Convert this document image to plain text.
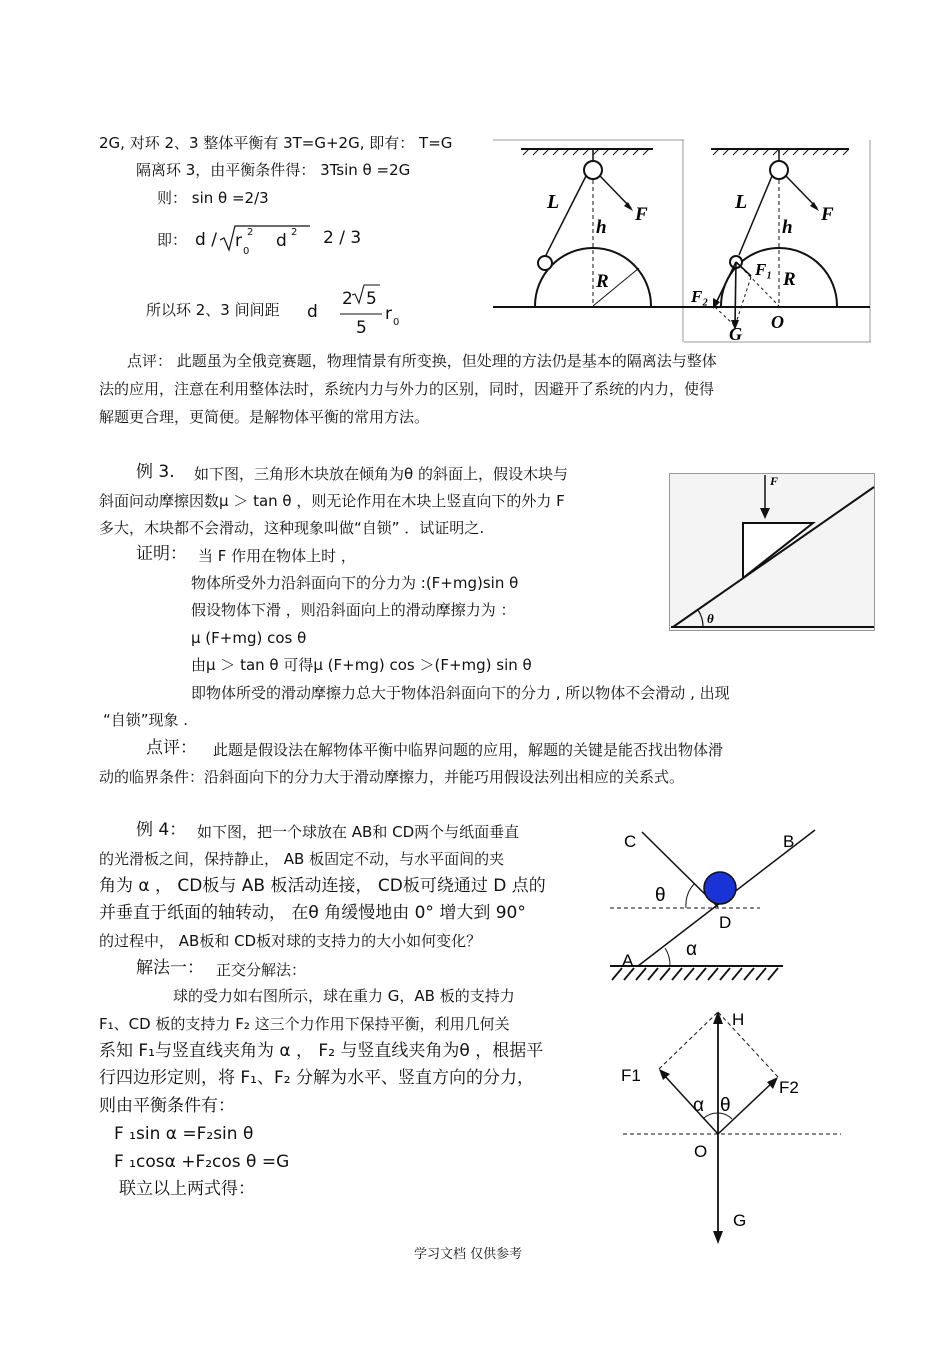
2G, 对环 2、3 整体平衡有 3T=G+2G, 即有： T=G
隔离环 3，由平衡条件得： 3Tsin θ =2G
则： sin θ =2/3
即： d / r
0
2 d 2 2 / 3
所以环 2、3 间间距 d
2 5
5
r 0
L
h
F
R
L
h
F
F₁ R
F₂
G
O
点评： 此题虽为全俄竞赛题，物理情景有所变换，但处理的方法仍是基本的隔离法与整体
法的应用，注意在利用整体法时，系统内力与外力的区别，同时，因避开了系统的内力，使得
解题更合理，更简便。是解物体平衡的常用方法。
例 3. 如下图，三角形木块放在倾角为θ 的斜面上，假设木块与
斜面问动摩擦因数μ ＞ tan θ ，则无论作用在木块上竖直向下的外力 F
多大，木块都不会滑动，这种现象叫做“自锁” ．试证明之.
证明： 当 F 作用在物体上时 ，
物体所受外力沿斜面向下的分力为 :(F+mg)sin θ
假设物体下滑 ，则沿斜面向上的滑动摩擦力为 ：
μ (F+mg) cos θ
由μ ＞ tan θ 可得μ (F+mg) cos ＞(F+mg) sin θ
即物体所受的滑动摩擦力总大于物体沿斜面向下的分力 , 所以物体不会滑动 , 出现
“自锁”现象 .
F
θ
点评： 此题是假设法在解物体平衡中临界问题的应用，解题的关键是能否找出物体滑
动的临界条件：沿斜面向下的分力大于滑动摩擦力，并能巧用假设法列出相应的关系式。
例 4： 如下图，把一个球放在 AB和 CD两个与纸面垂直
的光滑板之间，保持静止， AB 板固定不动，与水平面间的夹
角为 α ， CD板与 AB 板活动连接， CD板可绕通过 D 点的
并垂直于纸面的轴转动， 在θ 角缓慢地由 0° 增大到 90°
的过程中， AB板和 CD板对球的支持力的大小如何变化？
解法一： 正交分解法：
球的受力如右图所示，球在重力 G，AB 板的支持力
F₁、CD 板的支持力 F₂ 这三个力作用下保持平衡，利用几何关
系知 F₁与竖直线夹角为 α ， F₂ 与竖直线夹角为θ ，根据平
行四边形定则，将 F₁、F₂ 分解为水平、竖直方向的分力，
则由平衡条件有：
F ₁sin α =F₂sin θ
F ₁cosα +F₂cos θ =G
联立以上两式得：
C	B
θ
D
A
α
H
F1
F2
α θ
O
G
学习文档 仅供参考
